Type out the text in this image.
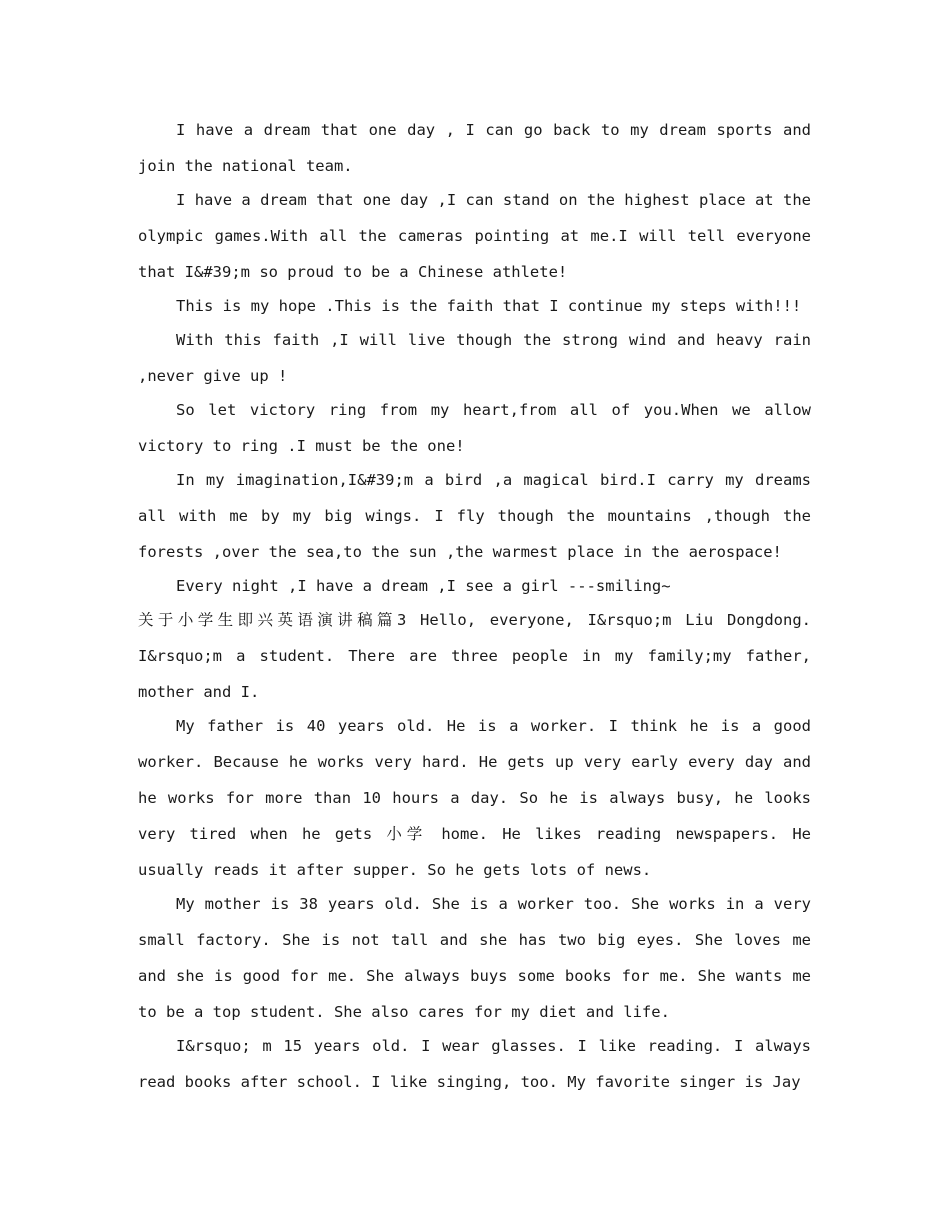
I have a dream that one day , I can go back to my dream sports and join the national team.

I have a dream that one day ,I can stand on the highest place at the olympic games.With all the cameras pointing at me.I will tell everyone that I&#39;m so proud to be a Chinese athlete!

This is my hope .This is the faith that I continue my steps with!!!

With this faith ,I will live though the strong wind and heavy rain ,never give up !

So let victory ring from my heart,from all of you.When we allow victory to ring .I must be the one!

In my imagination,I&#39;m a bird ,a magical bird.I carry my dreams all with me by my big wings. I fly though the mountains ,though the forests ,over the sea,to the sun ,the warmest place in the aerospace!

Every night ,I have a dream ,I see a girl ---smiling~

关于小学生即兴英语演讲稿篇3 Hello, everyone, I&rsquo;m Liu Dongdong. I&rsquo;m a student. There are three people in my family;my father, mother and I.

My father is 40 years old. He is a worker. I think he is a good worker. Because he works very hard. He gets up very early every day and he works for more than 10 hours a day. So he is always busy, he looks very tired when he gets 小学 home. He likes reading newspapers. He usually reads it after supper. So he gets lots of news.

My mother is 38 years old. She is a worker too. She works in a very small factory. She is not tall and she has two big eyes. She loves me and she is good for me. She always buys some books for me. She wants me to be a top student. She also cares for my diet and life.

I&rsquo; m 15 years old. I wear glasses. I like reading. I always read books after school. I like singing, too. My favorite singer is Jay
